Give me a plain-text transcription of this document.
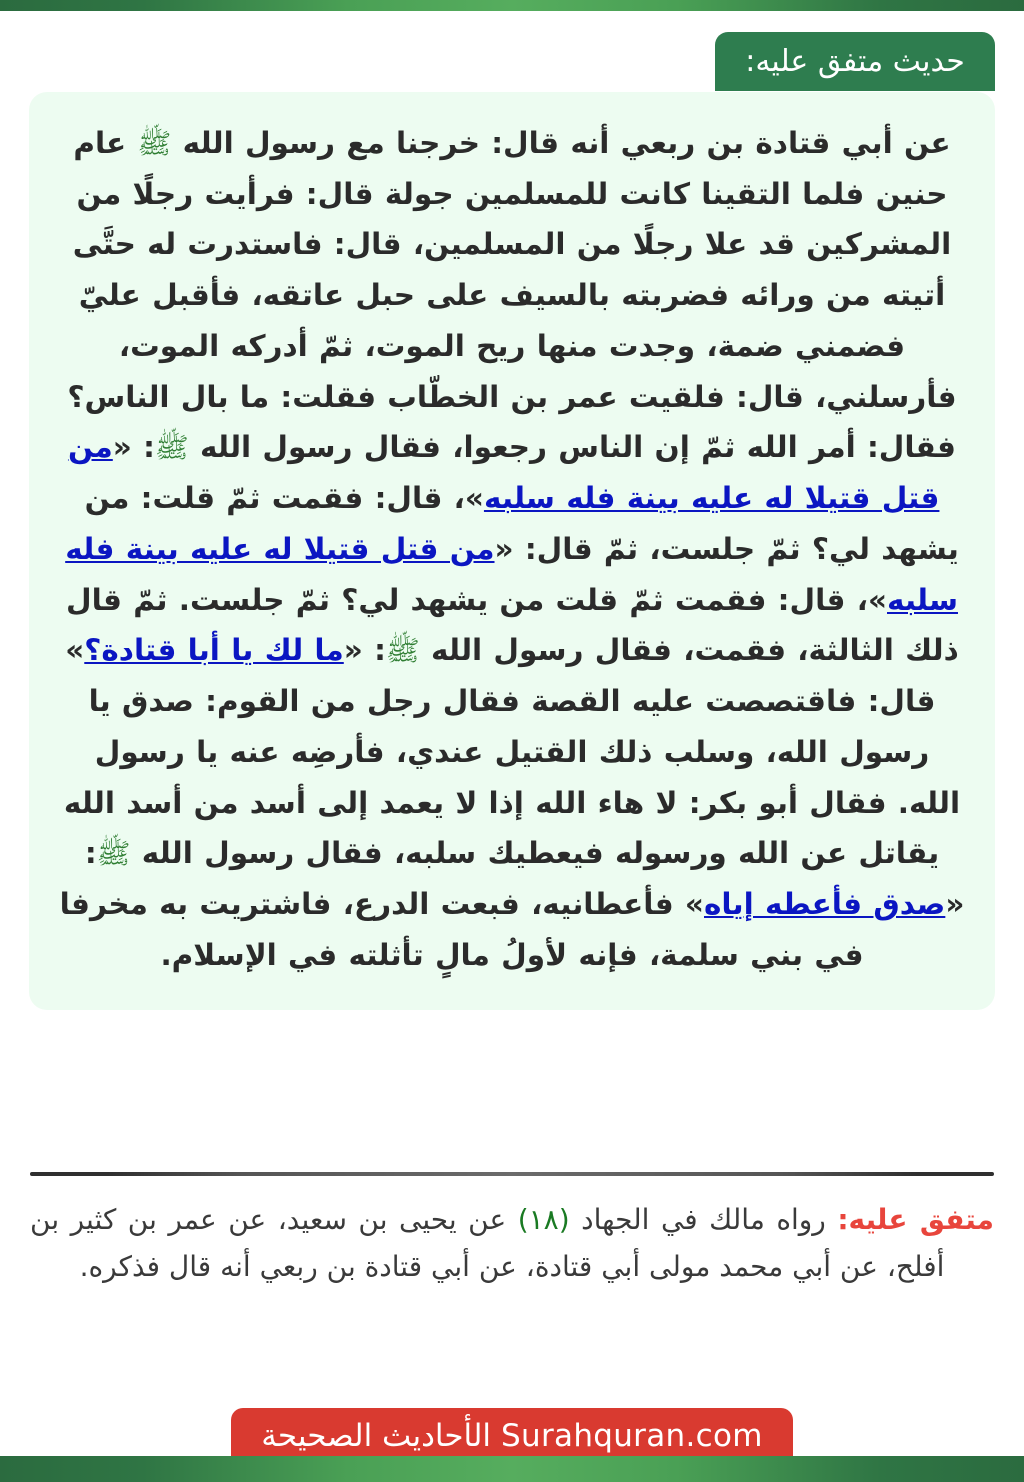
حديث متفق عليه:

عن أبي قتادة بن ربعي أنه قال: خرجنا مع رسول الله ﷺ عام حنين فلما التقينا كانت للمسلمين جولة قال: فرأيت رجلًا من المشركين قد علا رجلًا من المسلمين، قال: فاستدرت له حتَّى أتيته من ورائه فضربته بالسيف على حبل عاتقه، فأقبل عليّ فضمني ضمة، وجدت منها ريح الموت، ثمّ أدركه الموت، فأرسلني، قال: فلقيت عمر بن الخطّاب فقلت: ما بال الناس؟ فقال: أمر الله ثمّ إن الناس رجعوا، فقال رسول الله ﷺ: «من قتل قتيلا له عليه بينة فله سلبه»، قال: فقمت ثمّ قلت: من يشهد لي؟ ثمّ جلست، ثمّ قال: «من قتل قتيلا له عليه بينة فله سلبه»، قال: فقمت ثمّ قلت من يشهد لي؟ ثمّ جلست. ثمّ قال ذلك الثالثة، فقمت، فقال رسول الله ﷺ: «ما لك يا أبا قتادة؟» قال: فاقتصصت عليه القصة فقال رجل من القوم: صدق يا رسول الله، وسلب ذلك القتيل عندي، فأرضِه عنه يا رسول الله. فقال أبو بكر: لا هاء الله إذا لا يعمد إلى أسد من أسد الله يقاتل عن الله ورسوله فيعطيك سلبه، فقال رسول الله ﷺ: «صدق فأعطه إياه» فأعطانيه، فبعت الدرع، فاشتريت به مخرفا في بني سلمة، فإنه لأولُ مالٍ تأثلته في الإسلام.

متفق عليه: رواه مالك في الجهاد (١٨) عن يحيى بن سعيد، عن عمر بن كثير بن أفلح، عن أبي محمد مولى أبي قتادة، عن أبي قتادة بن ربعي أنه قال فذكره.
Surahquran.com
الأحاديث الصحيحة
